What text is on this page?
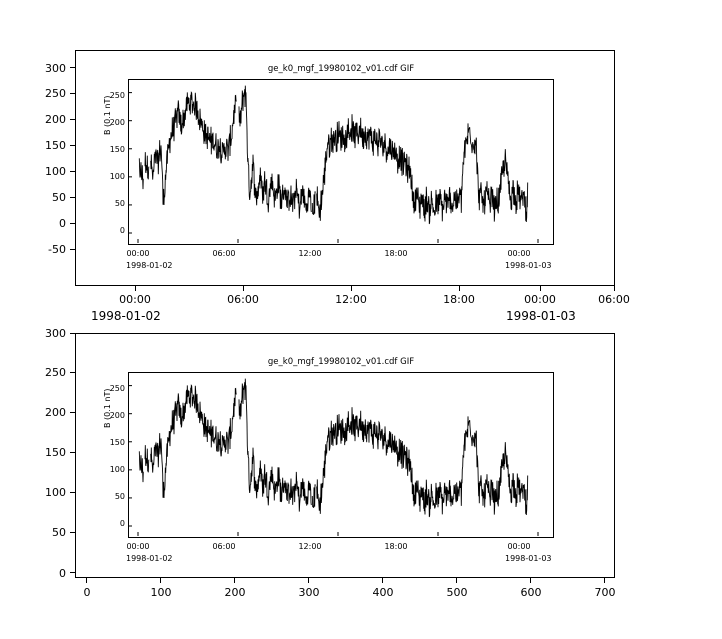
300
250
200
150
100
50
0
-50
00:00	06:00	12:00	18:00	00:00	06:00
1998-01-02	1998-01-03
ge_k0_mgf_19980102_v01.cdf GIF
B (0.1 nT)
250
200
150
100
50
0
00:00	06:00	12:00	18:00	00:00
1998-01-02	1998-01-03
300
250
200
150
100
50
0
0	100	200	300	400	500	600	700
ge_k0_mgf_19980102_v01.cdf GIF
B (0.1 nT)
250
200
150
100
50
0
00:00	06:00	12:00	18:00	00:00
1998-01-02	1998-01-03
